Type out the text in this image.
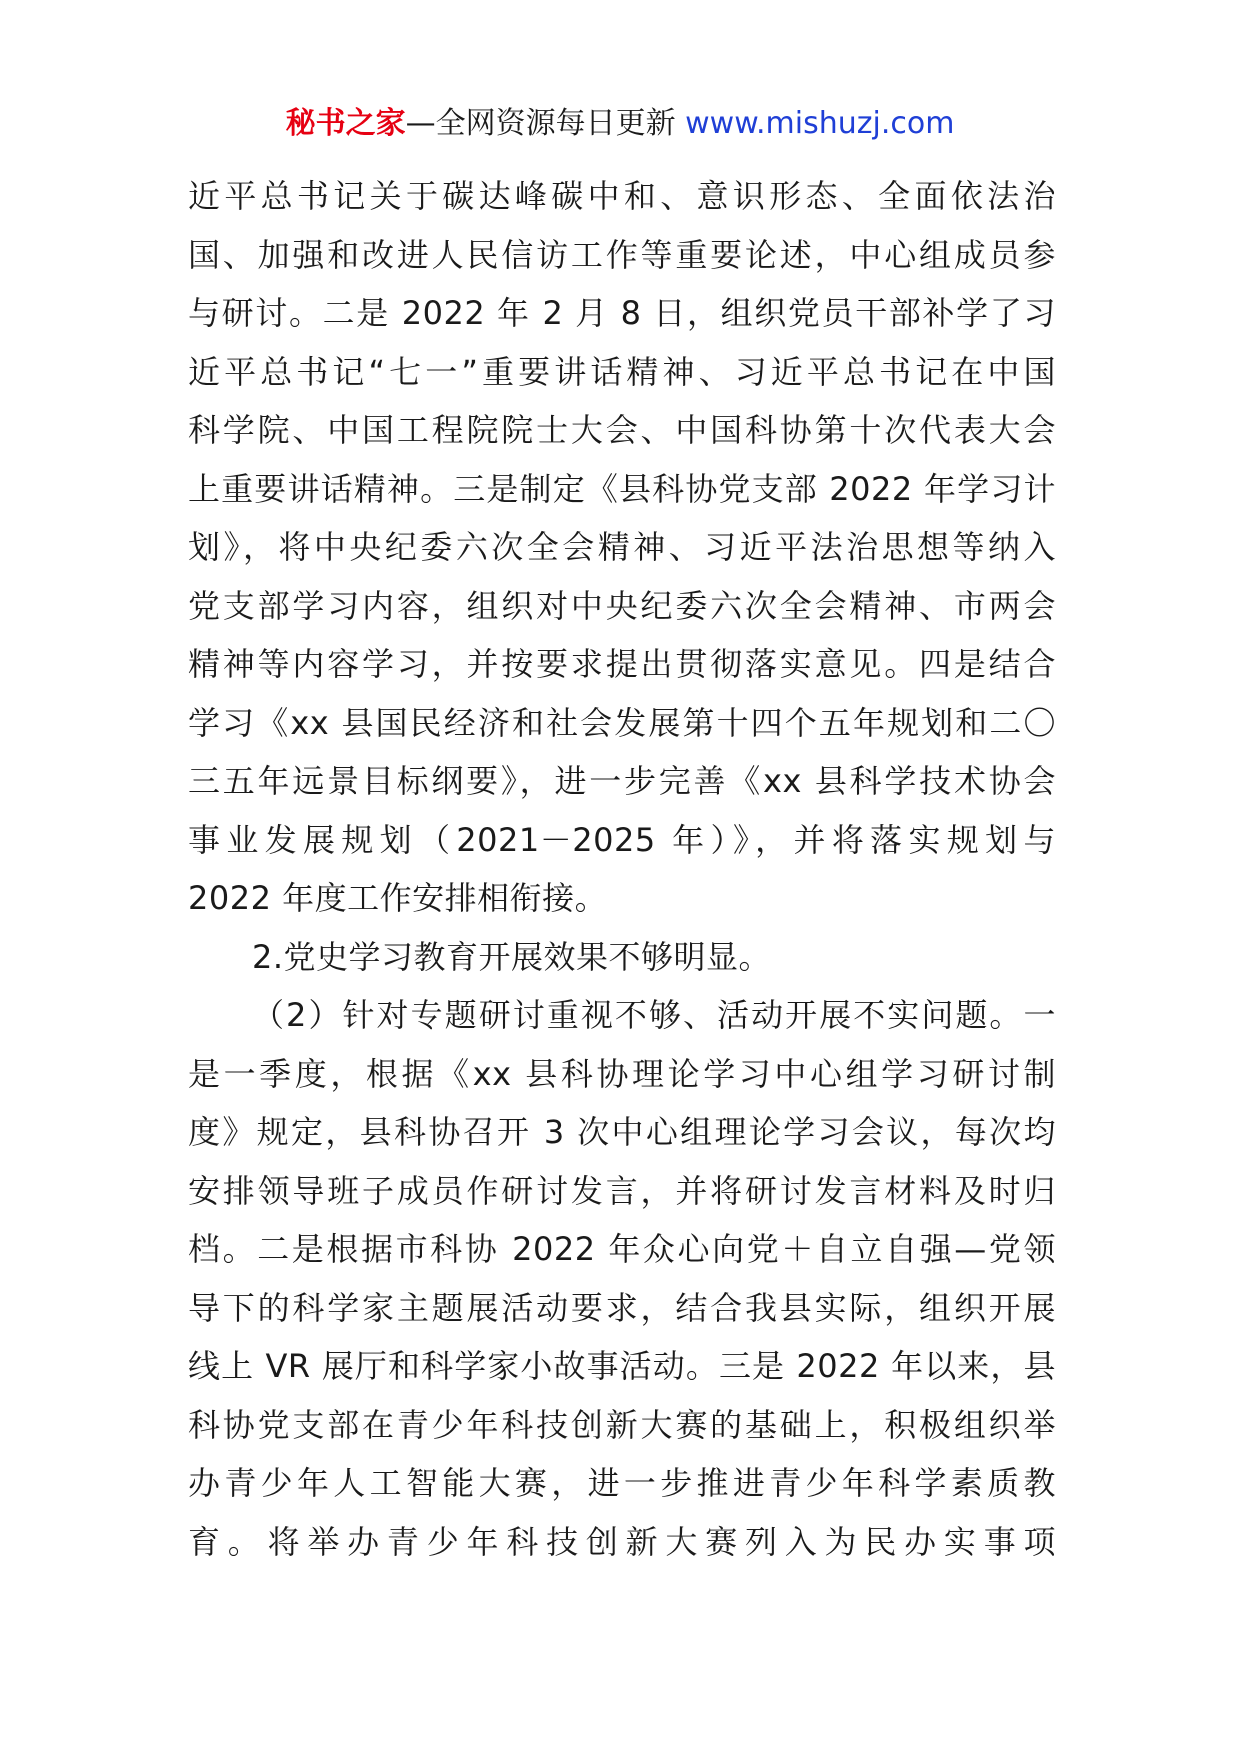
秘书之家—全网资源每日更新 www.mishuzj.com
近平总书记关于碳达峰碳中和、意识形态、全面依法治
国、加强和改进人民信访工作等重要论述，中心组成员参
与研讨。二是 2022 年 2 月 8 日，组织党员干部补学了习
近平总书记“七一”重要讲话精神、习近平总书记在中国
科学院、中国工程院院士大会、中国科协第十次代表大会
上重要讲话精神。三是制定《县科协党支部 2022 年学习计
划》，将中央纪委六次全会精神、习近平法治思想等纳入
党支部学习内容，组织对中央纪委六次全会精神、市两会
精神等内容学习，并按要求提出贯彻落实意见。四是结合
学习《xx 县国民经济和社会发展第十四个五年规划和二〇
三五年远景目标纲要》，进一步完善《xx 县科学技术协会
事业发展规划（2021－2025 年）》，并将落实规划与
2022 年度工作安排相衔接。
2.党史学习教育开展效果不够明显。
（2）针对专题研讨重视不够、活动开展不实问题。一
是一季度，根据《xx 县科协理论学习中心组学习研讨制
度》规定，县科协召开 3 次中心组理论学习会议，每次均
安排领导班子成员作研讨发言，并将研讨发言材料及时归
档。二是根据市科协 2022 年众心向党＋自立自强—党领
导下的科学家主题展活动要求，结合我县实际，组织开展
线上 VR 展厅和科学家小故事活动。三是 2022 年以来，县
科协党支部在青少年科技创新大赛的基础上，积极组织举
办青少年人工智能大赛，进一步推进青少年科学素质教
育。将举办青少年科技创新大赛列入为民办实事项
